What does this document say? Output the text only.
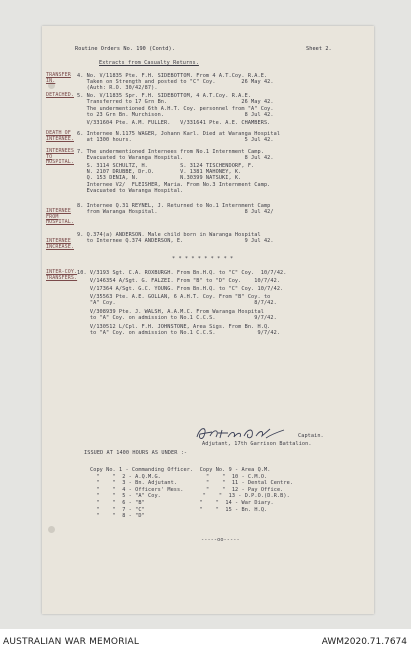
Routine Orders No. 190 (Contd).	Sheet 2.
Extracts from Casualty Returns.
TRANSFER IN.
DETACHED.
DEATH OF INTERNEE.
INTERNEES TO HOSPITAL.
INTERNEE FROM HOSPITAL.
INTERNEE INCREASE.
INTER-COY. TRANSFERS.
4. No. V/11835 Pte. F.H. SIDEBOTTOM. From 4 A.T.Coy. R.A.E.
Taken on Strength and posted to "C" Coy.        26 May 42.
(Auth: R.O. 30/42/87).
5. No. V/11835 Spr. F.H. SIDEBOTTOM, 4 A.T.Coy. R.A.E.
Transferred to 17 Grn Bn.                       26 May 42.
The undermentioned 6th A.H.T. Coy. personnel from "A" Coy.
to 23 Grn Bn. Murchison.                         8 Jul 42.
V/331604 Pte. A.M. FULLER.   V/331641 Pte. A.E. CHAMBERS.
6. Internee N.1175 WAGER, Johann Karl. Died at Waranga Hospital
at 1300 hours.                                   5 Jul 42.
7. The undermentioned Internees from No.1 Internment Camp.
Evacuated to Waranga Hospital.                   8 Jul 42.
S. 3114 SCHULTZ, H.          S. 3124 TISCHENDORF, F.
N. 2107 DRUBBE, Dr.O.        V. 1381 MAHONEY, K.
Q. 153 DENIA, N.             N.30399 NATSUKI, K.
Internee V2/  FLEISHER, Maria. From No.3 Internment Camp.
Evacuated to Waranga Hospital.
8. Internee Q.31 REYNEL, J. Returned to No.1 Internment Camp
from Waranga Hospital.                           8 Jul 42/
9. Q.374(a) ANDERSON. Male child born in Waranga Hospital
to Internee Q.374 ANDERSON, E.                   9 Jul 42.
10. V/3193 Sgt. C.A. ROXBURGH. From Bn.H.Q. to "C" Coy.  10/7/42.
V/146354 A/Sgt. G. FALZEI. From "B" to "D" Coy.    10/7/42.
V/17364 A/Sgt. G.C. YOUNG. From Bn.H.Q. to "C" Coy. 10/7/42.
V/35563 Pte. A.E. GOLLAN, 6 A.H.T. Coy. From "B" Coy. to
"A" Coy.                                           8/7/42.
V/308939 Pte. J. WALSH, A.A.M.C. From Waranga Hospital
to "A" Coy. on admission to No.1 C.C.S.            9/7/42.
V/130512 L/Cpl. F.H. JOHNSTONE, Area Sigs. From Bn. H.Q.
to "A" Coy. on admission to No.1 C.C.S.             9/7/42.
* * * * * * * * * *
Captain.
Adjutant, 17th Garrison Battalion.
ISSUED AT 1400 HOURS AS UNDER :-
Copy No. 1 - Commanding Officer.  Copy No. 9 - Area Q.M.
"    "  2 - A.Q.M.G.              "    "  10 - C.M.O.
"    "  3 - Bn. Adjutant.         "    "  11 - Dental Centre.
"    "  4 - Officers' Mess.       "    "  12 - Pay Office.
"    "  5 - "A" Coy.             "    "  13 - D.P.O.(D.R.B).
"    "  6 - "B"                 "    "  14 - War Diary.
"    "  7 - "C"                 "    "  15 - Bn. H.Q.
"    "  8 - "D"
-----oo-----
AUSTRALIAN WAR MEMORIAL	AWM2020.71.7674
